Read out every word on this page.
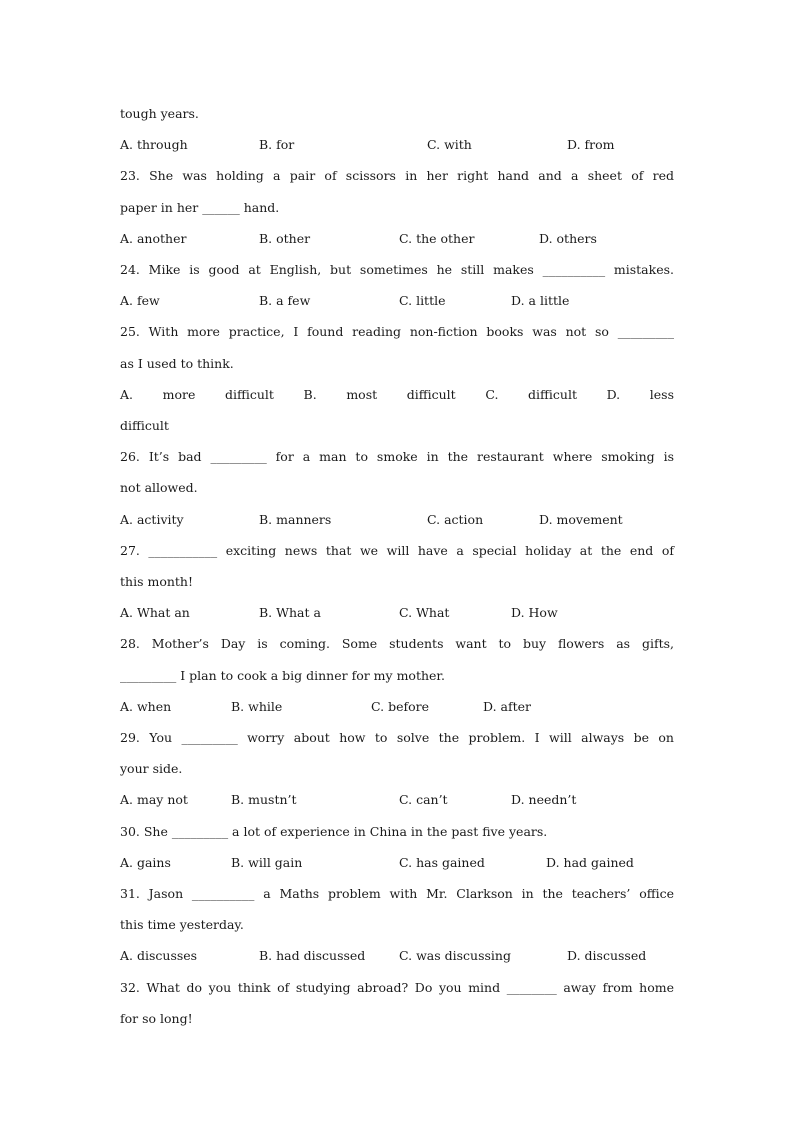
tough years.
A. through	B. for	C. with	D. from
23. She was holding a pair of scissors in her right hand and a sheet of red
paper in her ______ hand.
A. another	B. other	C. the other	D. others
24. Mike is good at English, but sometimes he still makes __________ mistakes.
A. few	B. a few	C. little	D. a little
25. With more practice, I found reading non-fiction books was not so _________
as I used to think.
A. more difficult B. most difficult C. difficult D. less
difficult
26. It’s bad _________ for a man to smoke in the restaurant where smoking is
not allowed.
A. activity	B. manners	C. action	D. movement
27. ___________ exciting news that we will have a special holiday at the end of
this month!
A. What an	B. What a	C. What	D. How
28. Mother’s Day is coming. Some students want to buy flowers as gifts,
_________ I plan to cook a big dinner for my mother.
A. when	B. while	C. before	D. after
29. You _________ worry about how to solve the problem. I will always be on
your side.
A. may not	B. mustn’t	C. can’t	D. needn’t
30. She _________ a lot of experience in China in the past five years.
A. gains	B. will gain	C. has gained	D. had gained
31. Jason __________ a Maths problem with Mr. Clarkson in the teachers’ office
this time yesterday.
A. discusses	B. had discussed	C. was discussing	D. discussed
32. What do you think of studying abroad? Do you mind ________ away from home
for so long!
